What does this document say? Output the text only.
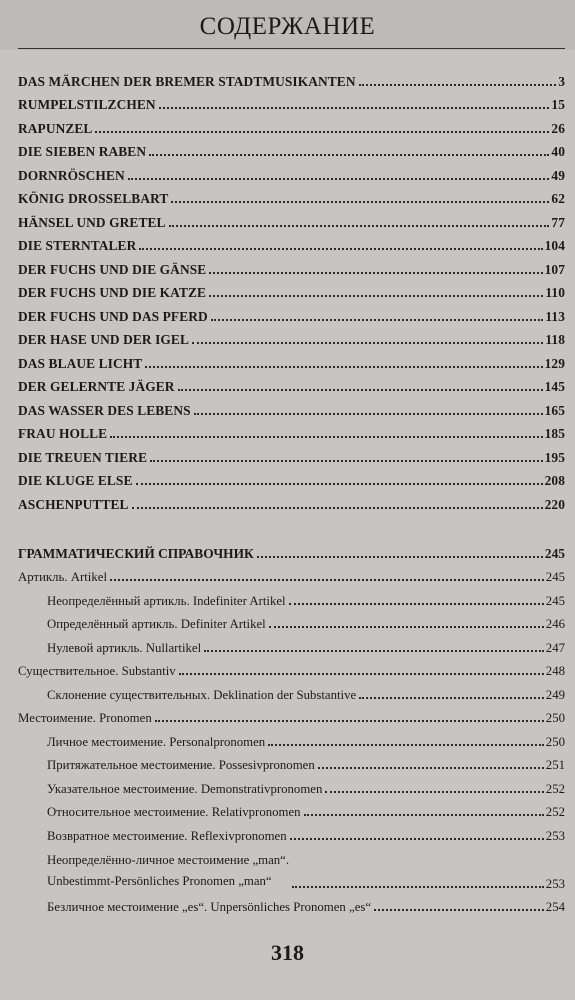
СОДЕРЖАНИЕ
DAS MÄRCHEN DER BREMER STADTMUSIKANTEN	3
RUMPELSTILZCHEN	15
RAPUNZEL	26
DIE SIEBEN RABEN	40
DORNRÖSCHEN	49
KÖNIG DROSSELBART	62
HÄNSEL UND GRETEL	77
DIE STERNTALER	104
DER FUCHS UND DIE GÄNSE	107
DER FUCHS UND DIE KATZE	110
DER FUCHS UND DAS PFERD	113
DER HASE UND DER IGEL	118
DAS BLAUE LICHT	129
DER GELERNTE JÄGER	145
DAS WASSER DES LEBENS	165
FRAU HOLLE	185
DIE TREUEN TIERE	195
DIE KLUGE ELSE	208
ASCHENPUTTEL	220
ГРАММАТИЧЕСКИЙ СПРАВОЧНИК	245
Артикль. Artikel	245
Неопределённый артикль. Indefiniter Artikel	245
Определённый артикль. Definiter Artikel	246
Нулевой артикль. Nullartikel	247
Существительное. Substantiv	248
Склонение существительных. Deklination der Substantive	249
Местоимение. Pronomen	250
Личное местоимение. Personalpronomen	250
Притяжательное местоимение. Possesivpronomen	251
Указательное местоимение. Demonstrativpronomen	252
Относительное местоимение. Relativpronomen	252
Возвратное местоимение. Reflexivpronomen	253
Неопределённо-личное местоимение „man“.
Unbestimmt-Persönliches Pronomen „man“	253
Безличное местоимение „es“. Unpersönliches Pronomen „es“	254
318
